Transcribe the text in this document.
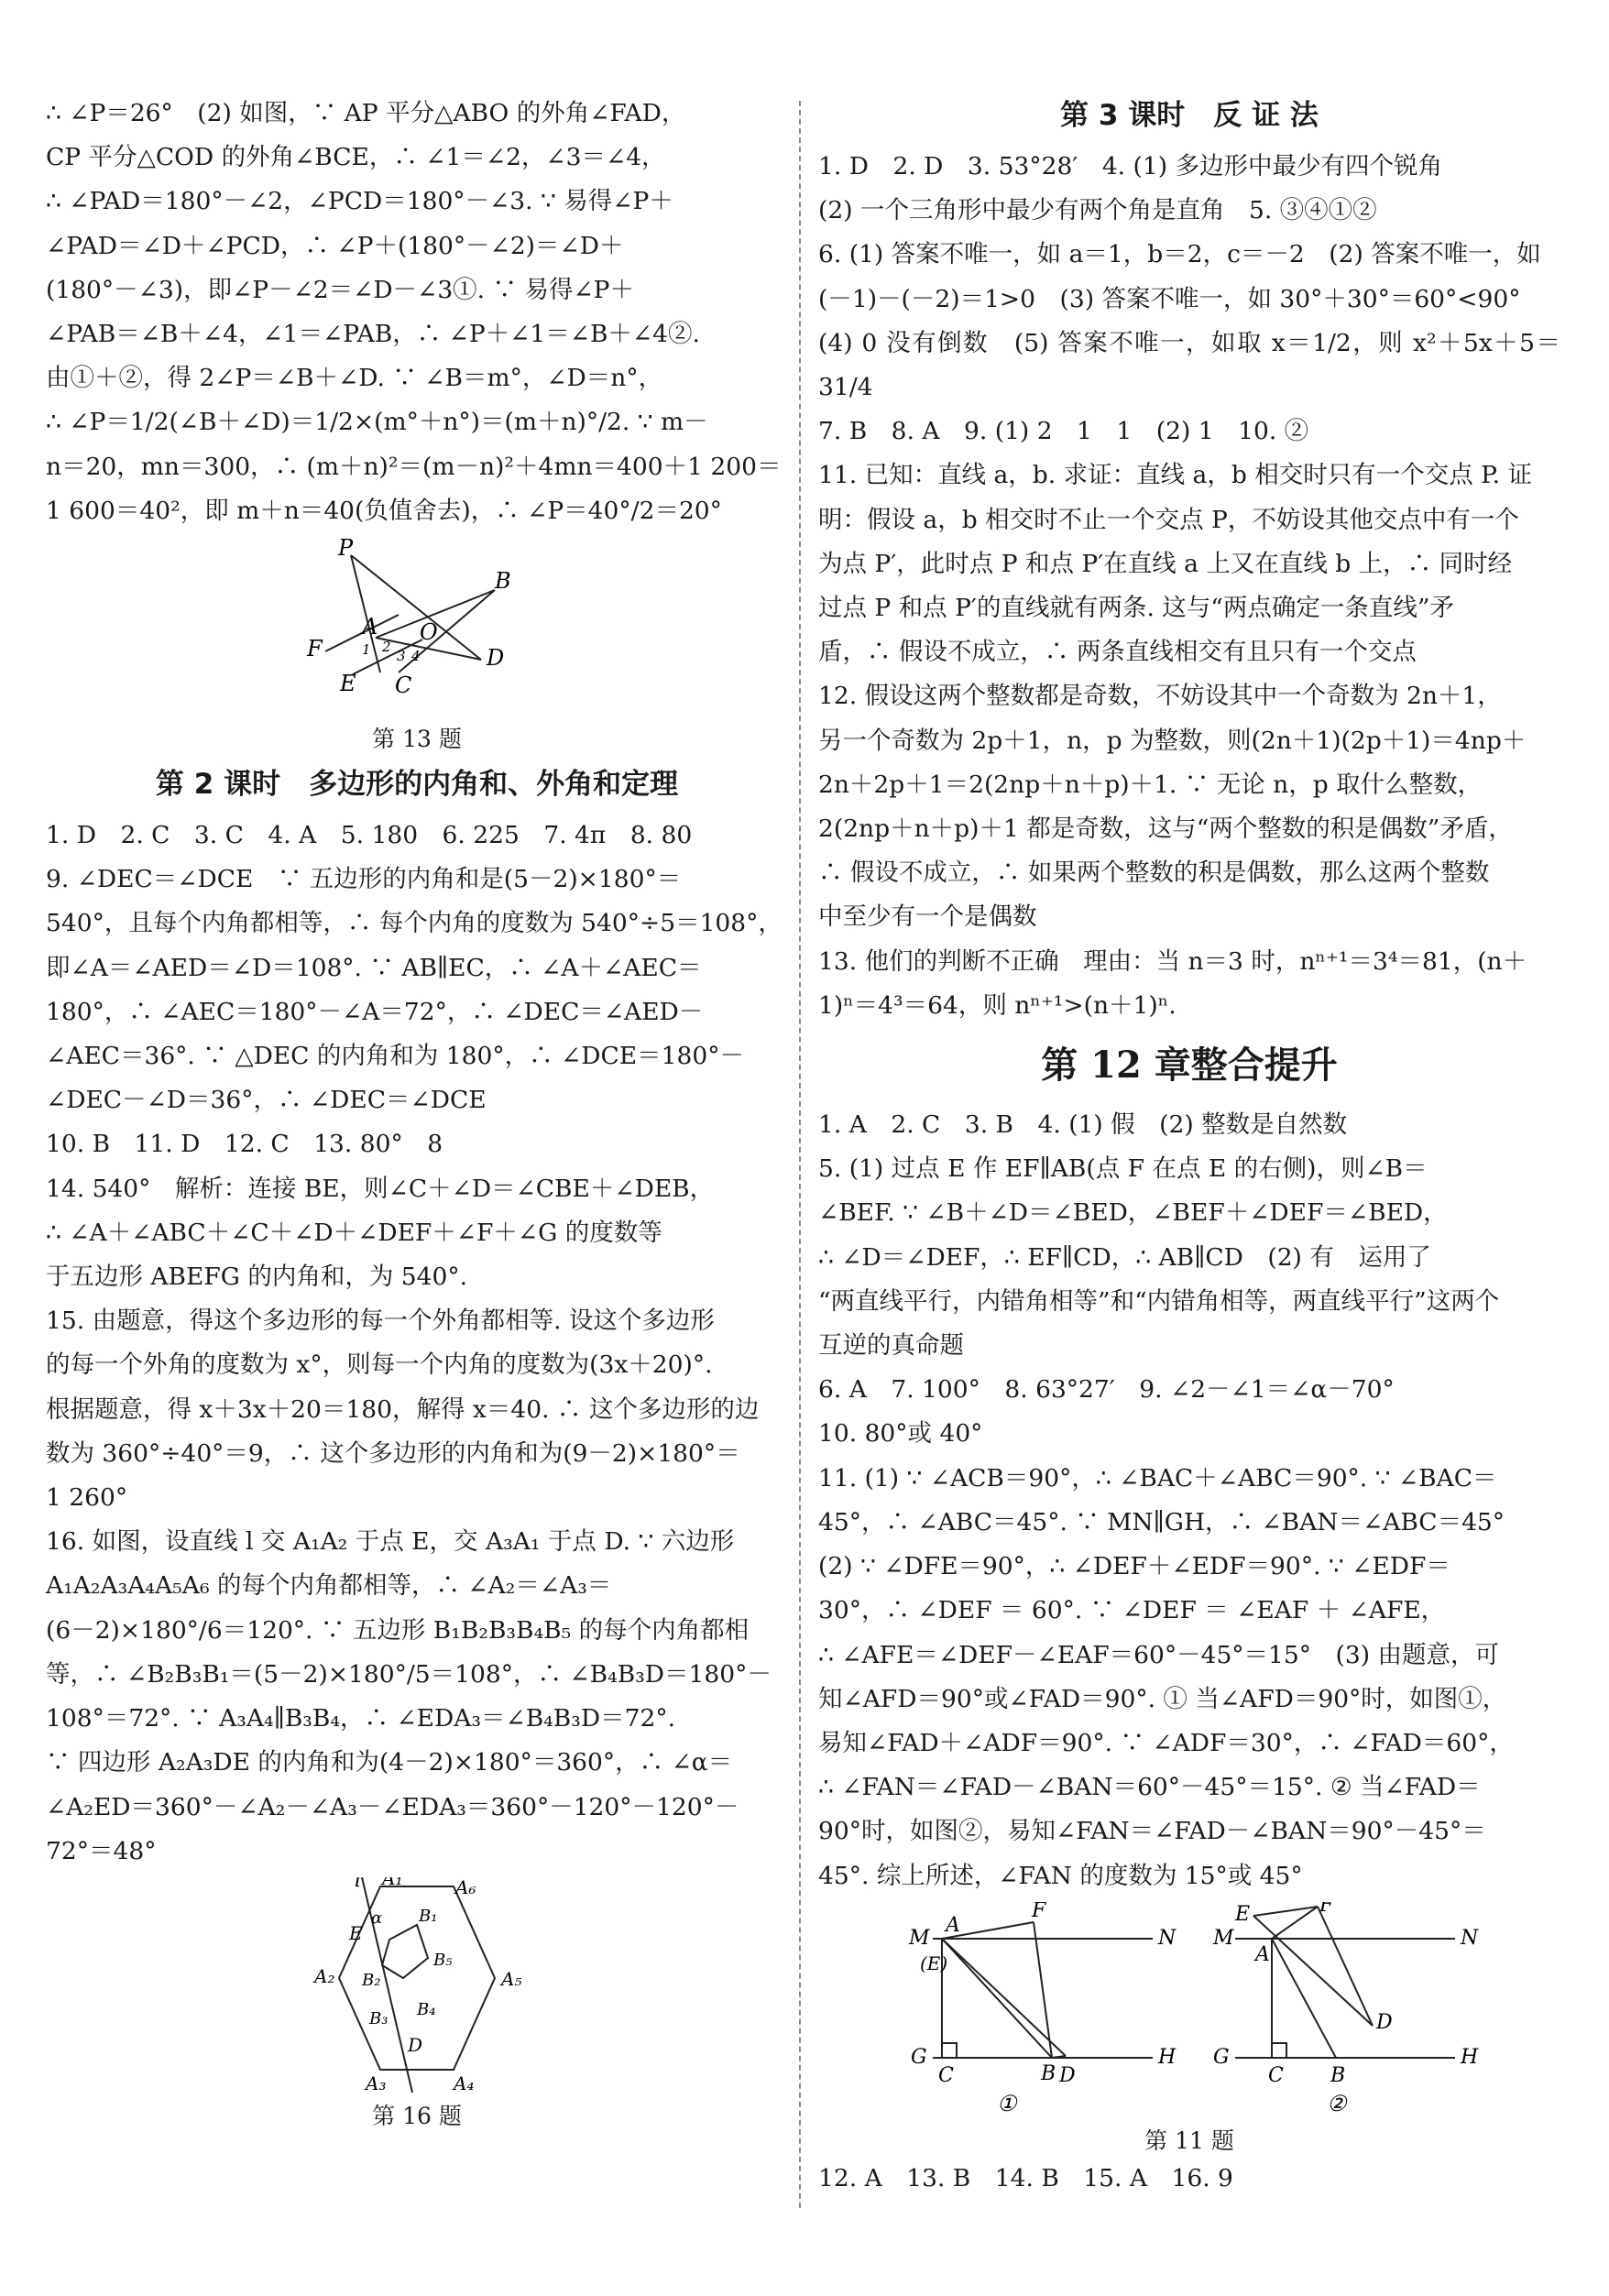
∴ ∠P＝26°　(2) 如图，∵ AP 平分△ABO 的外角∠FAD，

CP 平分△COD 的外角∠BCE，∴ ∠1＝∠2，∠3＝∠4，

∴ ∠PAD＝180°－∠2，∠PCD＝180°－∠3. ∵ 易得∠P＋

∠PAD＝∠D＋∠PCD，∴ ∠P＋(180°－∠2)＝∠D＋

(180°－∠3)，即∠P－∠2＝∠D－∠3①. ∵ 易得∠P＋

∠PAB＝∠B＋∠4，∠1＝∠PAB，∴ ∠P＋∠1＝∠B＋∠4②.

由①＋②，得 2∠P＝∠B＋∠D. ∵ ∠B＝m°，∠D＝n°，

∴ ∠P＝1/2(∠B＋∠D)＝1/2×(m°＋n°)＝(m＋n)°/2. ∵ m－

n＝20，mn＝300，∴ (m＋n)²＝(m－n)²＋4mn＝400＋1 200＝

1 600＝40²，即 m＋n＝40(负值舍去)，∴ ∠P＝40°/2＝20°

P
B
A
F
O
D
E C
1 2
3 4
第 13 题
第 2 课时　多边形的内角和、外角和定理

1. D　2. C　3. C　4. A　5. 180　6. 225　7. 4π　8. 80

9. ∠DEC＝∠DCE　∵ 五边形的内角和是(5－2)×180°＝

540°，且每个内角都相等，∴ 每个内角的度数为 540°÷5＝108°，

即∠A＝∠AED＝∠D＝108°. ∵ AB∥EC，∴ ∠A＋∠AEC＝

180°，∴ ∠AEC＝180°－∠A＝72°，∴ ∠DEC＝∠AED－

∠AEC＝36°. ∵ △DEC 的内角和为 180°，∴ ∠DCE＝180°－

∠DEC－∠D＝36°，∴ ∠DEC＝∠DCE

10. B　11. D　12. C　13. 80°　8

14. 540°　解析：连接 BE，则∠C＋∠D＝∠CBE＋∠DEB，

∴ ∠A＋∠ABC＋∠C＋∠D＋∠DEF＋∠F＋∠G 的度数等

于五边形 ABEFG 的内角和，为 540°.

15. 由题意，得这个多边形的每一个外角都相等. 设这个多边形

的每一个外角的度数为 x°，则每一个内角的度数为(3x＋20)°.

根据题意，得 x＋3x＋20＝180，解得 x＝40. ∴ 这个多边形的边

数为 360°÷40°＝9，∴ 这个多边形的内角和为(9－2)×180°＝

1 260°

16. 如图，设直线 l 交 A₁A₂ 于点 E，交 A₃A₁ 于点 D. ∵ 六边形

A₁A₂A₃A₄A₅A₆ 的每个内角都相等，∴ ∠A₂＝∠A₃＝

(6－2)×180°/6＝120°. ∵ 五边形 B₁B₂B₃B₄B₅ 的每个内角都相

等，∴ ∠B₂B₃B₁＝(5－2)×180°/5＝108°，∴ ∠B₄B₃D＝180°－

108°＝72°. ∵ A₃A₄∥B₃B₄，∴ ∠EDA₃＝∠B₄B₃D＝72°.

∵ 四边形 A₂A₃DE 的内角和为(4－2)×180°＝360°，∴ ∠α＝

∠A₂ED＝360°－∠A₂－∠A₃－∠EDA₃＝360°－120°－120°－

72°＝48°

l A₁	A₆
E
α B₁
A₂ B₂
B₅
A₅
B₃ B₄
D
A₃	A₄
第 16 题
第 3 课时　反 证 法

1. D　2. D　3. 53°28′　4. (1) 多边形中最少有四个锐角

(2) 一个三角形中最少有两个角是直角　5. ③④①②

6. (1) 答案不唯一，如 a＝1，b＝2，c＝－2　(2) 答案不唯一，如

(－1)－(－2)＝1>0　(3) 答案不唯一，如 30°＋30°＝60°<90°

(4) 0 没有倒数　(5) 答案不唯一，如取 x＝1/2，则 x²＋5x＋5＝31/4

7. B　8. A　9. (1) 2　1　1　(2) 1　10. ②

11. 已知：直线 a，b. 求证：直线 a，b 相交时只有一个交点 P. 证

明：假设 a，b 相交时不止一个交点 P，不妨设其他交点中有一个

为点 P′，此时点 P 和点 P′在直线 a 上又在直线 b 上，∴ 同时经

过点 P 和点 P′的直线就有两条. 这与“两点确定一条直线”矛

盾，∴ 假设不成立，∴ 两条直线相交有且只有一个交点

12. 假设这两个整数都是奇数，不妨设其中一个奇数为 2n＋1，

另一个奇数为 2p＋1，n，p 为整数，则(2n＋1)(2p＋1)＝4np＋

2n＋2p＋1＝2(2np＋n＋p)＋1. ∵ 无论 n，p 取什么整数，

2(2np＋n＋p)＋1 都是奇数，这与“两个整数的积是偶数”矛盾，

∴ 假设不成立，∴ 如果两个整数的积是偶数，那么这两个整数

中至少有一个是偶数

13. 他们的判断不正确　理由：当 n＝3 时，nⁿ⁺¹＝3⁴＝81，(n＋

1)ⁿ＝4³＝64，则 nⁿ⁺¹>(n＋1)ⁿ.

第 12 章整合提升

1. A　2. C　3. B　4. (1) 假　(2) 整数是自然数

5. (1) 过点 E 作 EF∥AB(点 F 在点 E 的右侧)，则∠B＝

∠BEF. ∵ ∠B＋∠D＝∠BED，∠BEF＋∠DEF＝∠BED，

∴ ∠D＝∠DEF，∴ EF∥CD，∴ AB∥CD　(2) 有　运用了

“两直线平行，内错角相等”和“内错角相等，两直线平行”这两个

互逆的真命题

6. A　7. 100°　8. 63°27′　9. ∠2－∠1＝∠α－70°

10. 80°或 40°

11. (1) ∵ ∠ACB＝90°，∴ ∠BAC＋∠ABC＝90°. ∵ ∠BAC＝

45°，∴ ∠ABC＝45°. ∵ MN∥GH，∴ ∠BAN＝∠ABC＝45°

(2) ∵ ∠DFE＝90°，∴ ∠DEF＋∠EDF＝90°. ∵ ∠EDF＝

30°，∴ ∠DEF ＝ 60°. ∵ ∠DEF ＝ ∠EAF ＋ ∠AFE，

∴ ∠AFE＝∠DEF－∠EAF＝60°－45°＝15°　(3) 由题意，可

知∠AFD＝90°或∠FAD＝90°. ① 当∠AFD＝90°时，如图①，

易知∠FAD＋∠ADF＝90°. ∵ ∠ADF＝30°，∴ ∠FAD＝60°，

∴ ∠FAN＝∠FAD－∠BAN＝60°－45°＝15°. ② 当∠FAD＝

90°时，如图②，易知∠FAN＝∠FAD－∠BAN＝90°－45°＝

45°. 综上所述，∠FAN 的度数为 15°或 45°

F
M
A
(E)
N
G
C	B D
H
F
E
M
A
N
D
G
C B
H
①	②
第 11 题

12. A　13. B　14. B　15. A　16. 9
